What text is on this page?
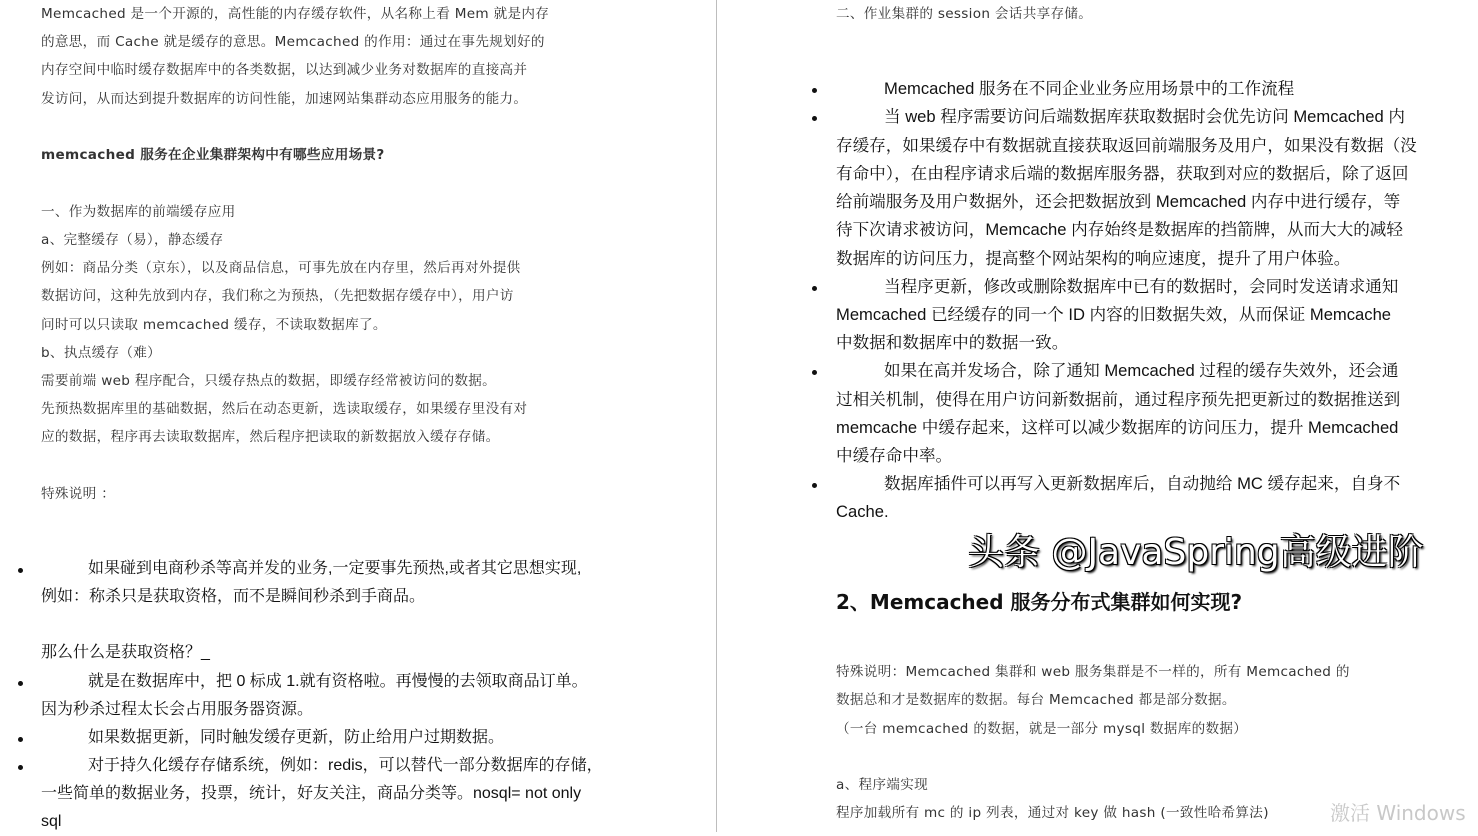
Memcached 是一个开源的，高性能的内存缓存软件，从名称上看 Mem 就是内存
的意思，而 Cache 就是缓存的意思。Memcached 的作用：通过在事先规划好的
内存空间中临时缓存数据库中的各类数据，以达到减少业务对数据库的直接高并
发访问，从而达到提升数据库的访问性能，加速网站集群动态应用服务的能力。
memcached 服务在企业集群架构中有哪些应用场景?
一、作为数据库的前端缓存应用
a、完整缓存（易），静态缓存
例如：商品分类（京东），以及商品信息，可事先放在内存里，然后再对外提供
数据访问，这种先放到内存，我们称之为预热，（先把数据存缓存中），用户访
问时可以只读取 memcached 缓存，不读取数据库了。
b、执点缓存（难）
需要前端 web 程序配合，只缓存热点的数据，即缓存经常被访问的数据。
先预热数据库里的基础数据，然后在动态更新，选读取缓存，如果缓存里没有对
应的数据，程序再去读取数据库，然后程序把读取的新数据放入缓存存储。
特殊说明 ：
如果碰到电商秒杀等高并发的业务,一定要事先预热,或者其它思想实现,
例如：称杀只是获取资格，而不是瞬间秒杀到手商品。
那么什么是获取资格？_
就是在数据库中，把 0 标成 1.就有资格啦。再慢慢的去领取商品订单。
因为秒杀过程太长会占用服务器资源。
如果数据更新，同时触发缓存更新，防止给用户过期数据。
对于持久化缓存存储系统，例如：redis，可以替代一部分数据库的存储，
一些简单的数据业务，投票，统计，好友关注，商品分类等。nosql= not only
sql
二、作业集群的 session 会话共享存储。
Memcached 服务在不同企业业务应用场景中的工作流程
当 web 程序需要访问后端数据库获取数据时会优先访问 Memcached 内
存缓存，如果缓存中有数据就直接获取返回前端服务及用户，如果没有数据（没
有命中），在由程序请求后端的数据库服务器，获取到对应的数据后，除了返回
给前端服务及用户数据外，还会把数据放到 Memcached 内存中进行缓存，等
待下次请求被访问，Memcache 内存始终是数据库的挡箭牌，从而大大的减轻
数据库的访问压力，提高整个网站架构的响应速度，提升了用户体验。
当程序更新，修改或删除数据库中已有的数据时，会同时发送请求通知
Memcached 已经缓存的同一个 ID 内容的旧数据失效，从而保证 Memcache
中数据和数据库中的数据一致。
如果在高并发场合，除了通知 Memcached 过程的缓存失效外，还会通
过相关机制，使得在用户访问新数据前，通过程序预先把更新过的数据推送到
memcache 中缓存起来，这样可以减少数据库的访问压力，提升 Memcached
中缓存命中率。
数据库插件可以再写入更新数据库后，自动抛给 MC 缓存起来，自身不
Cache.
2、Memcached 服务分布式集群如何实现?
特殊说明：Memcached 集群和 web 服务集群是不一样的，所有 Memcached 的
数据总和才是数据库的数据。每台 Memcached 都是部分数据。
（一台 memcached 的数据，就是一部分 mysql 数据库的数据）
a、程序端实现
程序加载所有 mc 的 ip 列表，通过对 key 做 hash (一致性哈希算法)	激活 Windows
头条 @JavaSpring高级进阶
